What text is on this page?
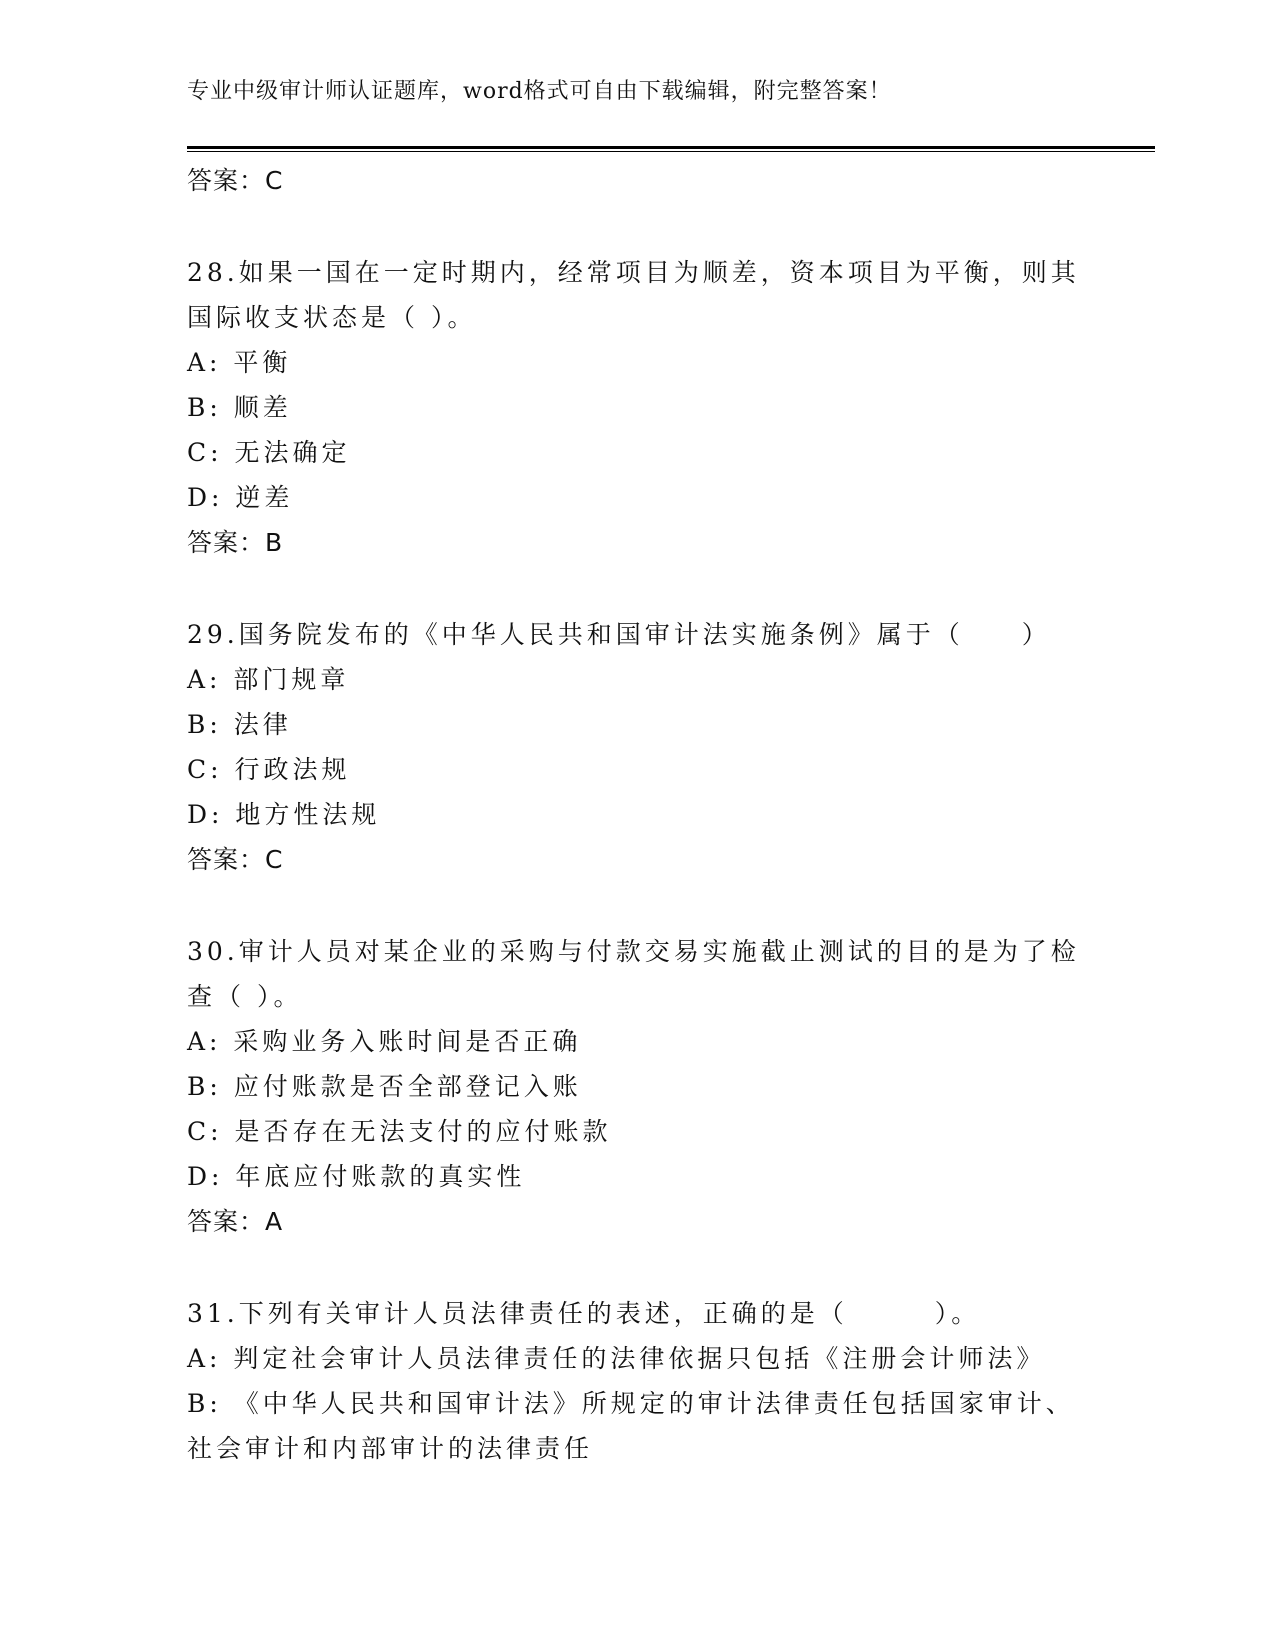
专业中级审计师认证题库，word格式可自由下载编辑，附完整答案！
答案：C
28.如果一国在一定时期内，经常项目为顺差，资本项目为平衡，则其
国际收支状态是（ ）。
A: 平衡
B: 顺差
C: 无法确定
D: 逆差
答案：B
29.国务院发布的《中华人民共和国审计法实施条例》属于（　　）
A: 部门规章
B: 法律
C: 行政法规
D: 地方性法规
答案：C
30.审计人员对某企业的采购与付款交易实施截止测试的目的是为了检
查（ ）。
A: 采购业务入账时间是否正确
B: 应付账款是否全部登记入账
C: 是否存在无法支付的应付账款
D: 年底应付账款的真实性
答案：A
31.下列有关审计人员法律责任的表述，正确的是（　　　）。
A: 判定社会审计人员法律责任的法律依据只包括《注册会计师法》
B: 《中华人民共和国审计法》所规定的审计法律责任包括国家审计、
社会审计和内部审计的法律责任
